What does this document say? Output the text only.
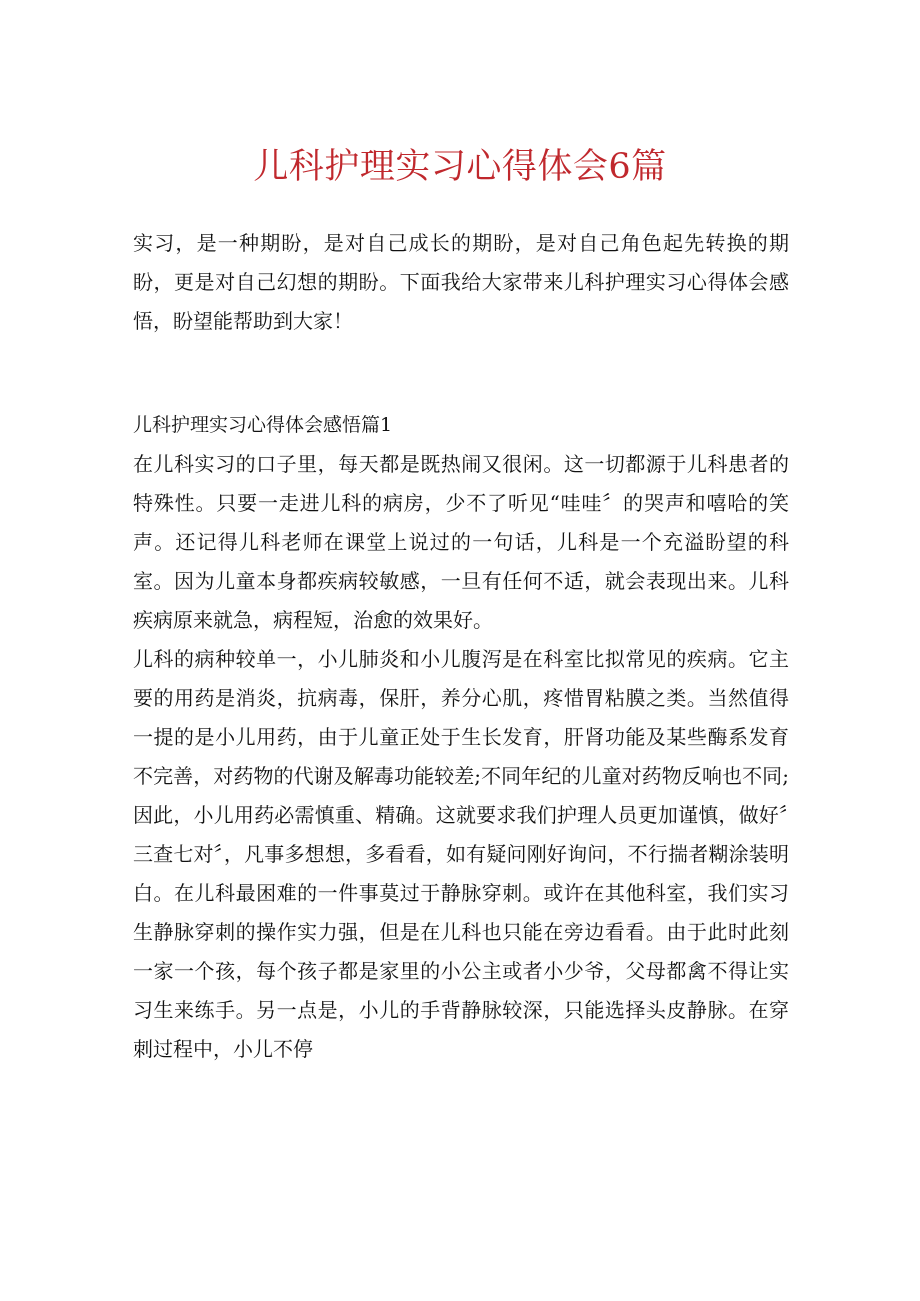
儿科护理实习心得体会6篇

实习，是一种期盼，是对自己成长的期盼，是对自己角色起先转换的期盼，更是对自己幻想的期盼。下面我给大家带来儿科护理实习心得体会感悟，盼望能帮助到大家！

儿科护理实习心得体会感悟篇1

在儿科实习的口子里，每天都是既热闹又很闲。这一切都源于儿科患者的特殊性。只要一走进儿科的病房，少不了听见“哇哇〞的哭声和嘻哈的笑声。还记得儿科老师在课堂上说过的一句话，儿科是一个充溢盼望的科室。因为儿童本身都疾病较敏感，一旦有任何不适，就会表现出来。儿科疾病原来就急，病程短，治愈的效果好。

儿科的病种较单一，小儿肺炎和小儿腹泻是在科室比拟常见的疾病。它主要的用药是消炎，抗病毒，保肝，养分心肌，疼惜胃粘膜之类。当然值得一提的是小儿用药，由于儿童正处于生长发育，肝肾功能及某些酶系发育不完善，对药物的代谢及解毒功能较差;不同年纪的儿童对药物反响也不同;因此，小儿用药必需慎重、精确。这就要求我们护理人员更加谨慎，做好〞三查七对〞，凡事多想想，多看看，如有疑问刚好询问，不行揣者糊涂装明白。在儿科最困难的一件事莫过于静脉穿刺。或许在其他科室，我们实习生静脉穿刺的操作实力强，但是在儿科也只能在旁边看看。由于此时此刻一家一个孩，每个孩子都是家里的小公主或者小少爷，父母都禽不得让实习生来练手。另一点是，小儿的手背静脉较深，只能选择头皮静脉。在穿刺过程中，小儿不停
